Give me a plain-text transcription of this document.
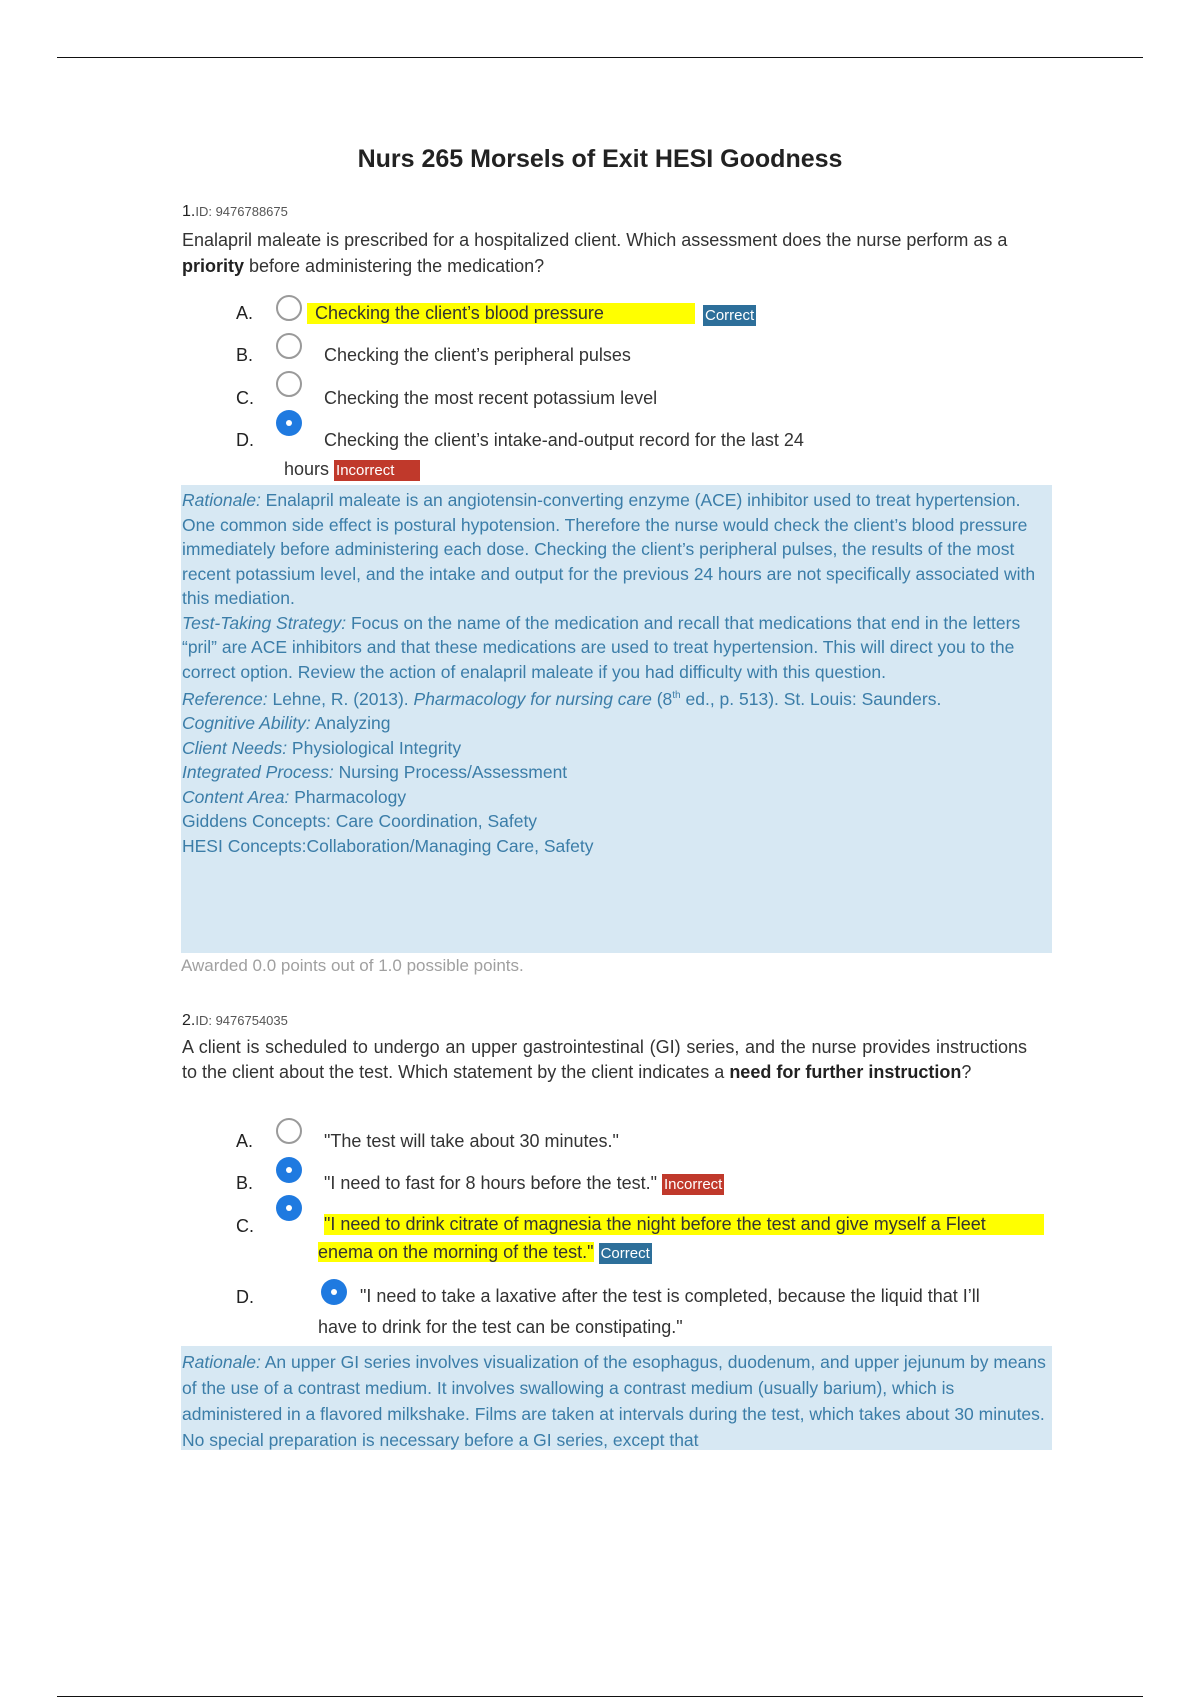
Nurs 265 Morsels of Exit HESI Goodness
1.ID: 9476788675
Enalapril maleate is prescribed for a hospitalized client. Which assessment does the nurse perform as a priority before administering the medication?
A.	Checking the client’s blood pressure	Correct
B.	Checking the client’s peripheral pulses
C.	Checking the most recent potassium level
D.	Checking the client’s intake-and-output record for the last 24
hours Incorrect

Rationale: Enalapril maleate is an angiotensin-converting enzyme (ACE) inhibitor used to treat hypertension. One common side effect is postural hypotension. Therefore the nurse would check the client’s blood pressure immediately before administering each dose. Checking the client’s peripheral pulses, the results of the most recent potassium level, and the intake and output for the previous 24 hours are not specifically associated with this mediation.

Test-Taking Strategy: Focus on the name of the medication and recall that medications that end in the letters “pril” are ACE inhibitors and that these medications are used to treat hypertension. This will direct you to the correct option. Review the action of enalapril maleate if you had difficulty with this question.

Reference: Lehne, R. (2013). Pharmacology for nursing care (8th ed., p. 513). St. Louis: Saunders.

Cognitive Ability: Analyzing

Client Needs: Physiological Integrity

Integrated Process: Nursing Process/Assessment

Content Area: Pharmacology

Giddens Concepts: Care Coordination, Safety

HESI Concepts:Collaboration/Managing Care, Safety

Awarded 0.0 points out of 1.0 possible points.
2.ID: 9476754035
A client is scheduled to undergo an upper gastrointestinal (GI) series, and the nurse provides instructions to the client about the test. Which statement by the client indicates a need for further instruction?
A.	"The test will take about 30 minutes."
B.	"I need to fast for 8 hours before the test." Incorrect
C.	"I need to drink citrate of magnesia the night before the test and give myself a Fleet
enema on the morning of the test." Correct
D.	"I need to take a laxative after the test is completed, because the liquid that I’ll
have to drink for the test can be constipating."

Rationale: An upper GI series involves visualization of the esophagus, duodenum, and upper jejunum by means of the use of a contrast medium. It involves swallowing a contrast medium (usually barium), which is administered in a flavored milkshake. Films are taken at intervals during the test, which takes about 30 minutes. No special preparation is necessary before a GI series, except that
